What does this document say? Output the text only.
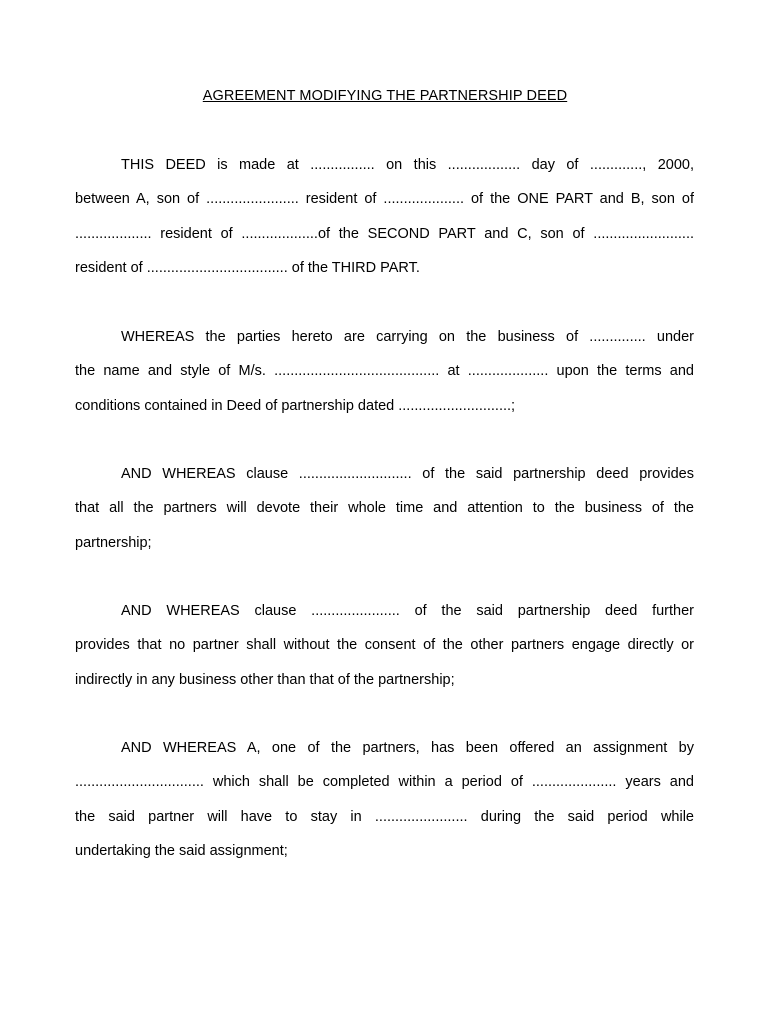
AGREEMENT MODIFYING THE PARTNERSHIP DEED
THIS DEED is made at ................ on this .................. day of ............., 2000,
between A, son of ....................... resident of .................... of the ONE PART and B, son of
................... resident of ...................of the SECOND PART and C, son of .........................
resident of ................................... of the THIRD PART.
WHEREAS the parties hereto are carrying on the business of .............. under
the name and style of M/s. ......................................... at .................... upon the terms and
conditions contained in Deed of partnership dated ............................;
AND WHEREAS clause ............................ of the said partnership deed provides
that all the partners will devote their whole time and attention to the business of the
partnership;
AND WHEREAS clause ...................... of the said partnership deed further
provides that no partner shall without the consent of the other partners engage directly or
indirectly in any business other than that of the partnership;
AND WHEREAS A, one of the partners, has been offered an assignment by
................................ which shall be completed within a period of ..................... years and
the said partner will have to stay in ....................... during the said period while
undertaking the said assignment;
